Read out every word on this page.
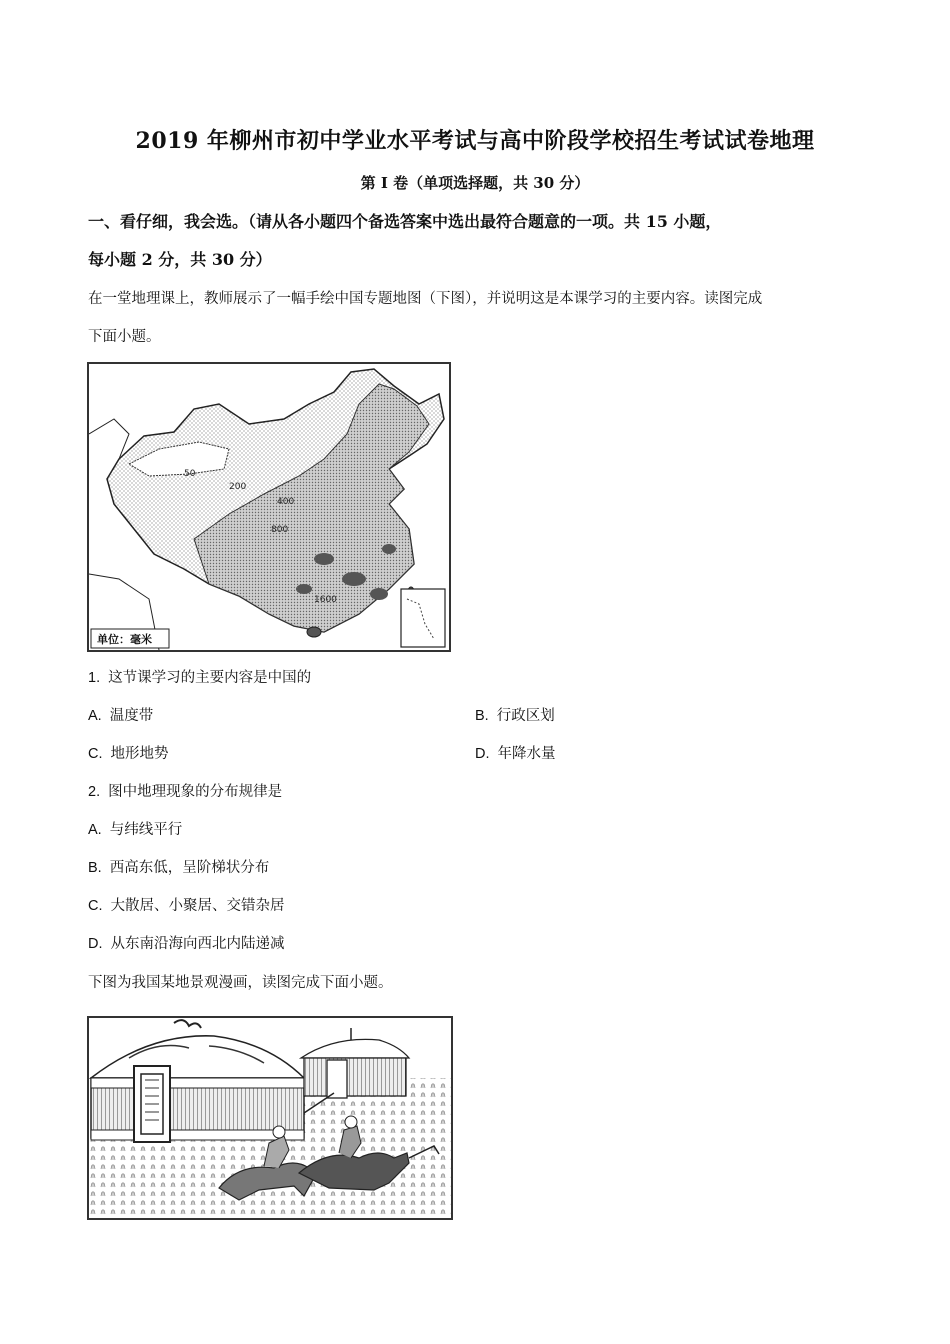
2019 年柳州市初中学业水平考试与高中阶段学校招生考试试卷地理
第 I 卷（单项选择题，共 30 分）
一、看仔细，我会选。（请从各小题四个备选答案中选出最符合题意的一项。共 15 小题，
每小题 2 分，共 30 分）
在一堂地理课上，教师展示了一幅手绘中国专题地图（下图），并说明这是本课学习的主要内容。读图完成
下面小题。
50
200
400
800
1600
单位：毫米
1. 这节课学习的主要内容是中国的
A. 温度带	B. 行政区划
C. 地形地势	D. 年降水量
2. 图中地理现象的分布规律是
A. 与纬线平行
B. 西高东低，呈阶梯状分布
C. 大散居、小聚居、交错杂居
D. 从东南沿海向西北内陆递减
下图为我国某地景观漫画，读图完成下面小题。
